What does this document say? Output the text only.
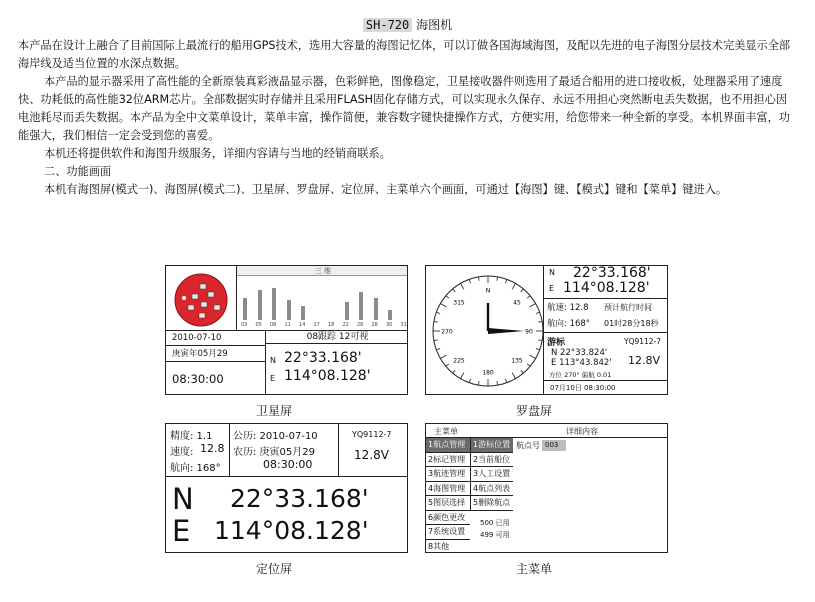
SH-720 海图机
本产品在设计上融合了目前国际上最流行的船用GPS技术，选用大容量的海图记忆体，可以订做各国海域海图，及配以先进的电子海图分层技术完美显示全部海岸线及适当位置的水深点数据。
本产品的显示器采用了高性能的全新原装真彩液晶显示器，色彩鲜艳，图像稳定，卫星接收器件则选用了最适合船用的进口接收板，处理器采用了速度快、功耗低的高性能32位ARM芯片。全部数据实时存储并且采用FLASH固化存储方式，可以实现永久保存、永远不用担心突然断电丢失数据，也不用担心因电池耗尽而丢失数据。本产品为全中文菜单设计，菜单丰富，操作简便，兼容数字键快捷操作方式，方便实用，给您带来一种全新的享受。本机界面丰富，功能强大，我们相信一定会受到您的喜爱。
本机还将提供软件和海图升级服务，详细内容请与当地的经销商联系。
二、功能画面
本机有海图屏(模式一)、海图屏(模式二)、卫星屏、罗盘屏、定位屏、主菜单六个画面，可通过【海图】键、【模式】键和【菜单】键进入。
三 维
03 05 08 11 14 17 18 22 26 28 30 31
08跟踪 12可视
2010-07-10
庚寅年05月29
08:30:00
N 22°33.168'
E 114°08.128'
卫星屏
N
45
90
135
180
225
270
315
N 22°33.168'
E 114°08.128'
航速: 12.8 预计航行时间
航向: 168° 01时28分18秒
游标	YQ9112-7
N 22°33.824'
E 113°43.842' 12.8V
方位 270° 偏航 0.01
07月10日 08:30:00
罗盘屏
精度: 1.1
速度: 12.8
航向: 168°
公历: 2010-07-10
农历: 庚寅05月29
08:30:00
YQ9112-7
12.8V
N 22°33.168'
E 114°08.128'
定位屏
主菜单	详细内容
航点号 003
500 已用
499 可用
1航点管理
2标记管理
3航迹管理
4海图管理
5图层选择
6颜色更改
7系统设置
8其他
1游标位置
2当前船位
3人工设置
4航点列表
5删除航点
主菜单
